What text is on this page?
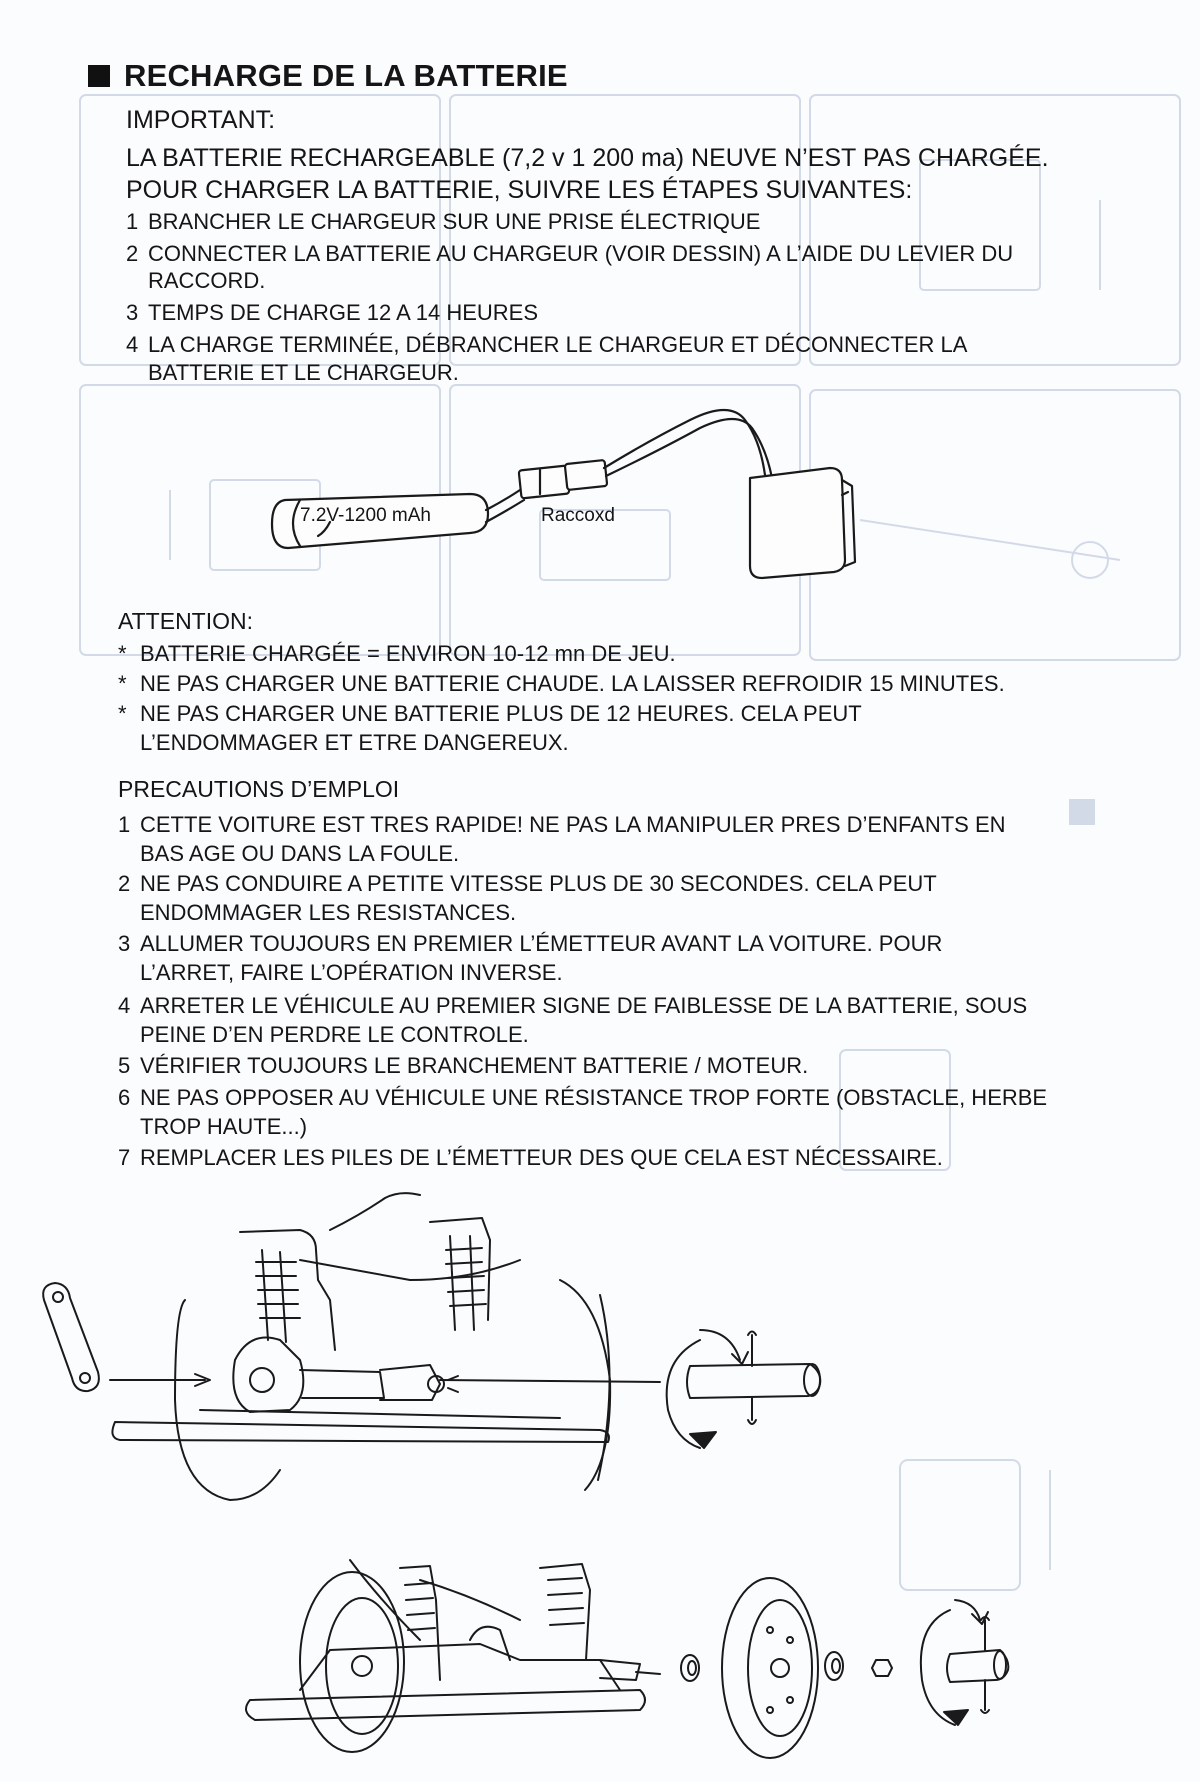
RECHARGE DE LA BATTERIE
IMPORTANT:
LA BATTERIE RECHARGEABLE (7,2 v 1 200 ma) NEUVE N’EST PAS CHARGÉE.
POUR CHARGER LA BATTERIE, SUIVRE LES ÉTAPES SUIVANTES:
1 BRANCHER LE CHARGEUR SUR UNE PRISE ÉLECTRIQUE
2 CONNECTER LA BATTERIE AU CHARGEUR (VOIR DESSIN) A L’AIDE DU LEVIER DU
RACCORD.
3 TEMPS DE CHARGE 12 A 14 HEURES
4 LA CHARGE TERMINÉE, DÉBRANCHER LE CHARGEUR ET DÉCONNECTER LA
BATTERIE ET LE CHARGEUR.
7.2V-1200 mAh	Raccoxd
ATTENTION:
* BATTERIE CHARGÉE = ENVIRON 10-12 mn DE JEU.
* NE PAS CHARGER UNE BATTERIE CHAUDE. LA LAISSER REFROIDIR 15 MINUTES.
* NE PAS CHARGER UNE BATTERIE PLUS DE 12 HEURES. CELA PEUT
L’ENDOMMAGER ET ETRE DANGEREUX.
PRECAUTIONS D’EMPLOI
1 CETTE VOITURE EST TRES RAPIDE! NE PAS LA MANIPULER PRES D’ENFANTS EN
BAS AGE OU DANS LA FOULE.
2 NE PAS CONDUIRE A PETITE VITESSE PLUS DE 30 SECONDES. CELA PEUT
ENDOMMAGER LES RESISTANCES.
3 ALLUMER TOUJOURS EN PREMIER L’ÉMETTEUR AVANT LA VOITURE. POUR
L’ARRET, FAIRE L’OPÉRATION INVERSE.
4 ARRETER LE VÉHICULE AU PREMIER SIGNE DE FAIBLESSE DE LA BATTERIE, SOUS
PEINE D’EN PERDRE LE CONTROLE.
5 VÉRIFIER TOUJOURS LE BRANCHEMENT BATTERIE / MOTEUR.
6 NE PAS OPPOSER AU VÉHICULE UNE RÉSISTANCE TROP FORTE (OBSTACLE, HERBE
TROP HAUTE...)
7 REMPLACER LES PILES DE L’ÉMETTEUR DES QUE CELA EST NÉCESSAIRE.
